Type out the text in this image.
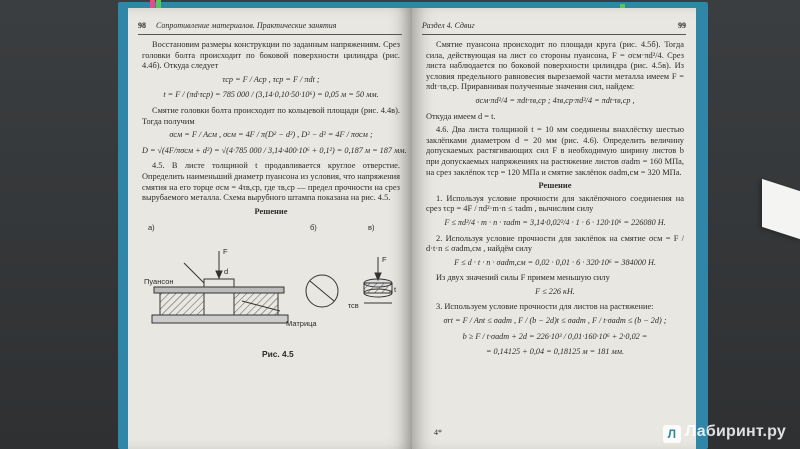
98 Сопротивление материалов. Практические занятия

Восстановим размеры конструкции по заданным напряжениям. Срез головки болта происходит по боковой поверхности цилиндра (рис. 4.4б). Откуда следует

τср = F / Aср , τср = F / πdt ;
t = F / (πd·τср) = 785 000 / (3,14·0,10·50·10⁶) = 0,05 м = 50 мм.

Смятие головки болта происходит по кольцевой площади (рис. 4.4в). Тогда получим

σсм = F / Aсм , σсм = 4F / π(D² − d²) , D² − d² = 4F / πσсм ;
D = √(4F/πσсм + d²) = √(4·785 000 / 3,14·400·10⁶ + 0,1²) = 0,187 м = 187 мм.

4.5. В листе толщиной t продавливается круглое отверстие. Определить наименьший диаметр пуансона из условия, что напряжения смятия на его торце σсм = 4τв,ср, где τв,ср — предел прочности на срез вырубаемого металла. Схема вырубного штампа показана на рис. 4.5.

Решение
а)	б)	в)
F
d
Пуансон
Матрица
F
τсв
t
Рис. 4.5
Раздел 4. Сдвиг	99

Смятие пуансона происходит по площади круга (рис. 4.5б). Тогда сила, действующая на лист со стороны пуансона, F = σсм·πd²/4. Срез листа наблюдается по боковой поверхности цилиндра (рис. 4.5в). Из условия предельного равновесия вырезаемой части металла имеем F = πdt·τв,ср. Приравнивая полученные значения сил, найдем:

σсм·πd²/4 = πdt·τв,ср ; 4τв,ср·πd²/4 = πdt·τв,ср ,

Откуда имеем d = t.

4.6. Два листа толщиной t = 10 мм соединены внахлёстку шестью заклёпками диаметром d = 20 мм (рис. 4.6). Определить величину допускаемых растягивающих сил F в необходимую ширину листов b при допускаемых напряжениях на растяжение листов σadm = 160 МПа, на срез заклёпок τср = 120 МПа и смятие заклёпок σadm,см = 320 МПа.

Решение

1. Используя условие прочности для заклёпочного соединения на срез τср = 4F / πd²·m·n ≤ τadm , вычислим силу

F ≤ πd²/4 · m · n · τadm = 3,14·0,02²/4 · 1 · 6 · 120·10⁶ = 226080 Н.

2. Используя условие прочности для заклёпок на смятие σсм = F / d·t·n ≤ σadm,см , найдём силу

F ≤ d · t · n · σadm,см = 0,02 · 0,01 · 6 · 320·10⁶ = 384000 Н.

Из двух значений силы F примем меньшую силу

F ≤ 226 кН.

3. Используем условие прочности для листов на растяжение:

σrt = F / Ant ≤ σadm , F / (b − 2d)t ≤ σadm , F / t·σadm ≤ (b − 2d) ;
b ≥ F / t·σadm + 2d = 226·10³ / 0,01·160·10⁶ + 2·0,02 =
= 0,14125 + 0,04 = 0,18125 м = 181 мм.
4*	Л Лабиринт.ру
